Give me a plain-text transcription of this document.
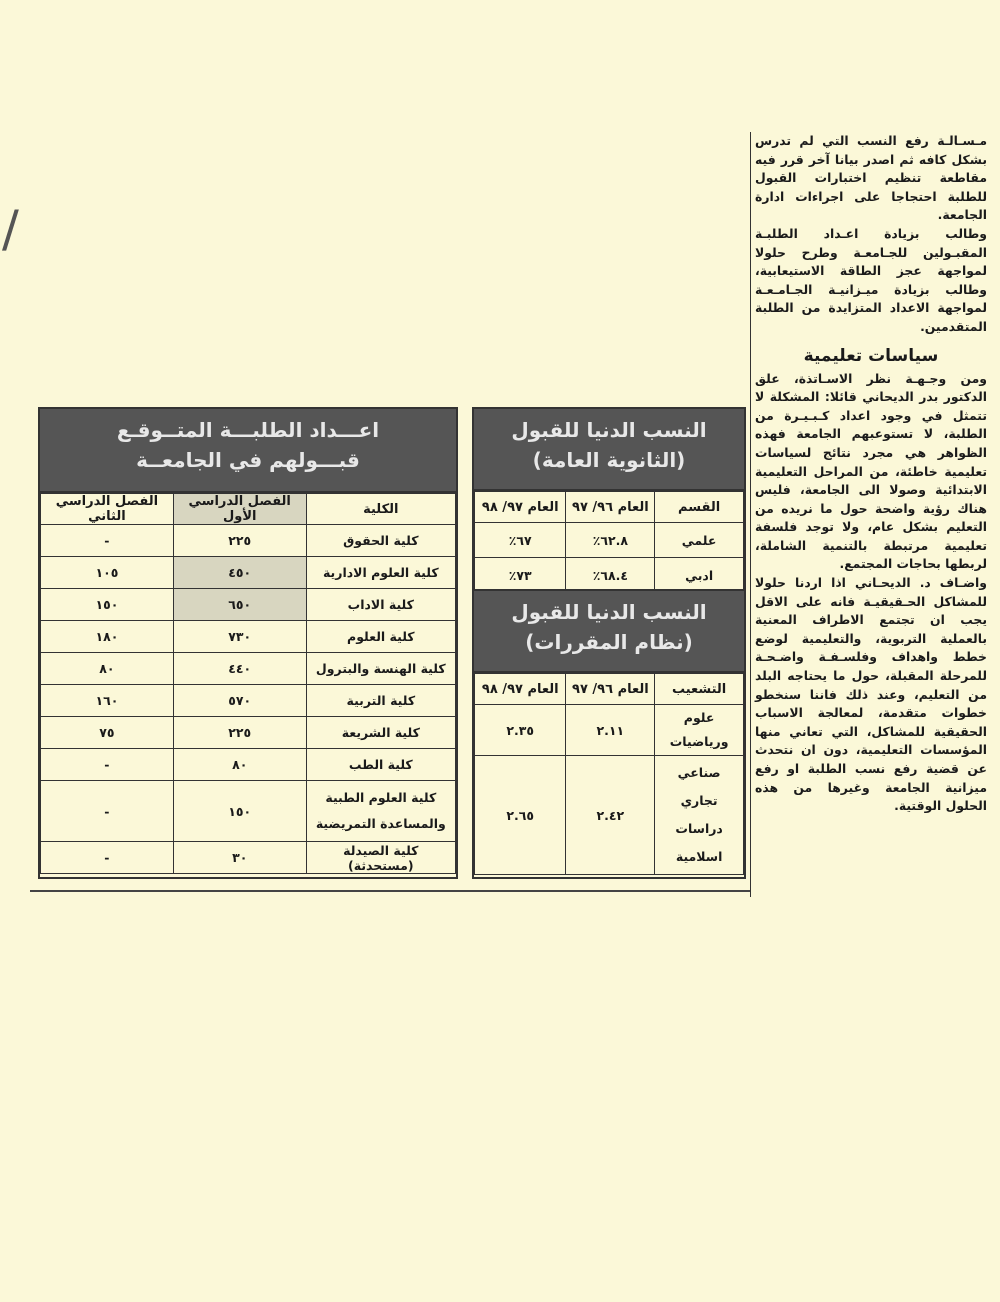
∕

مـسـالـة رفع النسب التي لم تدرس بشكل كافه ثم اصدر بيانا آخر قرر فيه مقاطعة تنظيم اختبارات القبول للطلبة احتجاجا على اجراءات ادارة الجامعة.

وطالب بزيادة اعـداد الطلبـة المقبـولين للجـامعـة وطرح حلولا لمواجهة عجز الطاقة الاستيعابية، وطالب بزيادة ميـزانيـة الجـامـعـة لمواجهة الاعداد المتزايدة من الطلبة المتقدمين.

سياسات تعليمية

ومن وجـهـة نظر الاسـاتذة، علق الدكتور بدر الديحاني قائلا: المشكلة لا تتمثل في وجود اعداد كـبـيـرة من الطلبة، لا تستوعبهم الجامعة فهذه الظواهر هي مجرد نتائج لسياسات تعليمية خاطئة، من المراحل التعليمية الابتدائية وصولا الى الجامعة، فليس هناك رؤية واضحة حول ما نريده من التعليم بشكل عام، ولا توجد فلسفة تعليمية مرتبطة بالتنمية الشاملة، لربطها بحاجات المجتمع.

واضـاف د. الديحـاني اذا اردنا حلولا للمشاكل الحـقيقيـة فانه على الاقل يجب ان تجتمع الاطراف المعنية بالعملية التربوية، والتعليمية لوضع خطط واهداف وفلسـفـة واضـحـة للمرحلة المقبلة، حول ما يحتاجه البلد من التعليم، وعند ذلك فاننا سنخطو خطوات متقدمة، لمعالجة الاسباب الحقيقية للمشاكل، التي تعاني منها المؤسسات التعليمية، دون ان نتحدث عن قضية رفع نسب الطلبة او رفع ميزانية الجامعة وغيرها من هذه الحلول الوقتية.

اعـــداد الطلبـــة المتــوقـع
قبـــولهم في الجامعــة
الكلية	الفصل الدراسي الأول	الفصل الدراسي الثاني
كلية الحقوق	٢٢٥	-
كلية العلوم الادارية	٤٥٠	١٠٥
كلية الاداب	٦٥٠	١٥٠
كلية العلوم	٧٣٠	١٨٠
كلية الهنسة والبترول	٤٤٠	٨٠
كلية التربية	٥٧٠	١٦٠
كلية الشريعة	٢٢٥	٧٥
كلية الطب	٨٠	-
كلية العلوم الطبية والمساعدة التمريضية	١٥٠	-
كلية الصيدلة (مستحدثة)	٣٠	-
النسب الدنيا للقبول
(الثانوية العامة)
القسم	العام ٩٦/ ٩٧	العام ٩٧/ ٩٨
علمي	٦٢.٨٪	٦٧٪
ادبي	٦٨.٤٪	٧٣٪
النسب الدنيا للقبول
(نظام المقررات)
التشعيب	العام ٩٦/ ٩٧	العام ٩٧/ ٩٨
علوم ورياضيات	٢.١١	٢.٣٥
صناعي تجاري دراسات اسلامية	٢.٤٢	٢.٦٥
